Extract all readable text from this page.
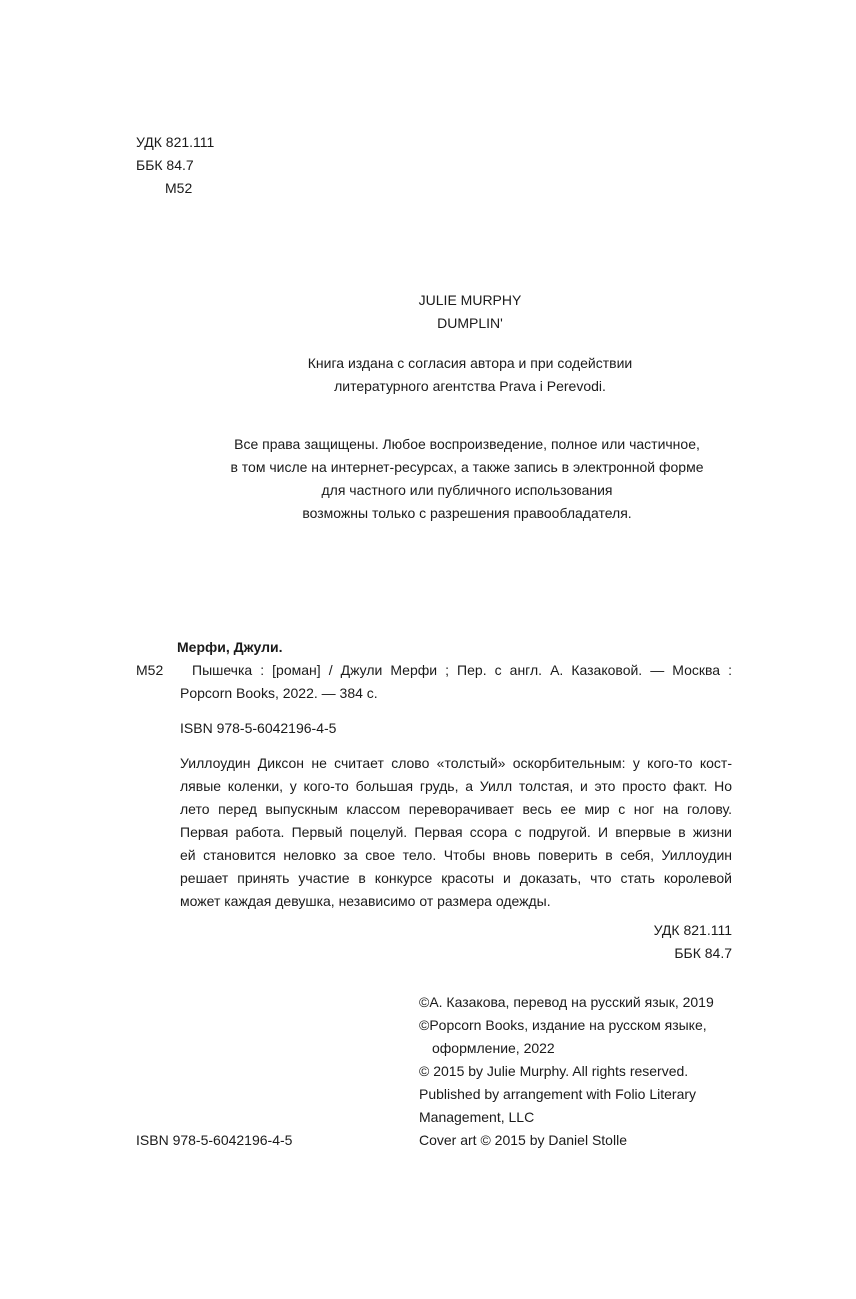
УДК 821.111
ББК 84.7
М52
JULIE MURPHY
DUMPLIN'
Книга издана с согласия автора и при содействии
литературного агентства Prava i Perevodi.
Все права защищены. Любое воспроизведение, полное или частичное,
в том числе на интернет-ресурсах, а также запись в электронной форме
для частного или публичного использования
возможны только с разрешения правообладателя.
Мерфи, Джули.
М52 Пышечка : [роман] / Джули Мерфи ; Пер. с англ. А. Казаковой. — Москва :
Popcorn Books, 2022. — 384 с.
ISBN 978-5-6042196-4-5
Уиллоудин Диксон не считает слово «толстый» оскорбительным: у кого-то кост-
лявые коленки, у кого-то большая грудь, а Уилл толстая, и это просто факт. Но
лето перед выпускным классом переворачивает весь ее мир с ног на голову.
Первая работа. Первый поцелуй. Первая ссора с подругой. И впервые в жизни
ей становится неловко за свое тело. Чтобы вновь поверить в себя, Уиллоудин
решает принять участие в конкурсе красоты и доказать, что стать королевой
может каждая девушка, независимо от размера одежды.
УДК 821.111
ББК 84.7
©А. Казакова, перевод на русский язык, 2019
©Popcorn Books, издание на русском языке,
оформление, 2022
© 2015 by Julie Murphy. All rights reserved.
Published by arrangement with Folio Literary
Management, LLC
Cover art © 2015 by Daniel Stolle
ISBN 978-5-6042196-4-5
